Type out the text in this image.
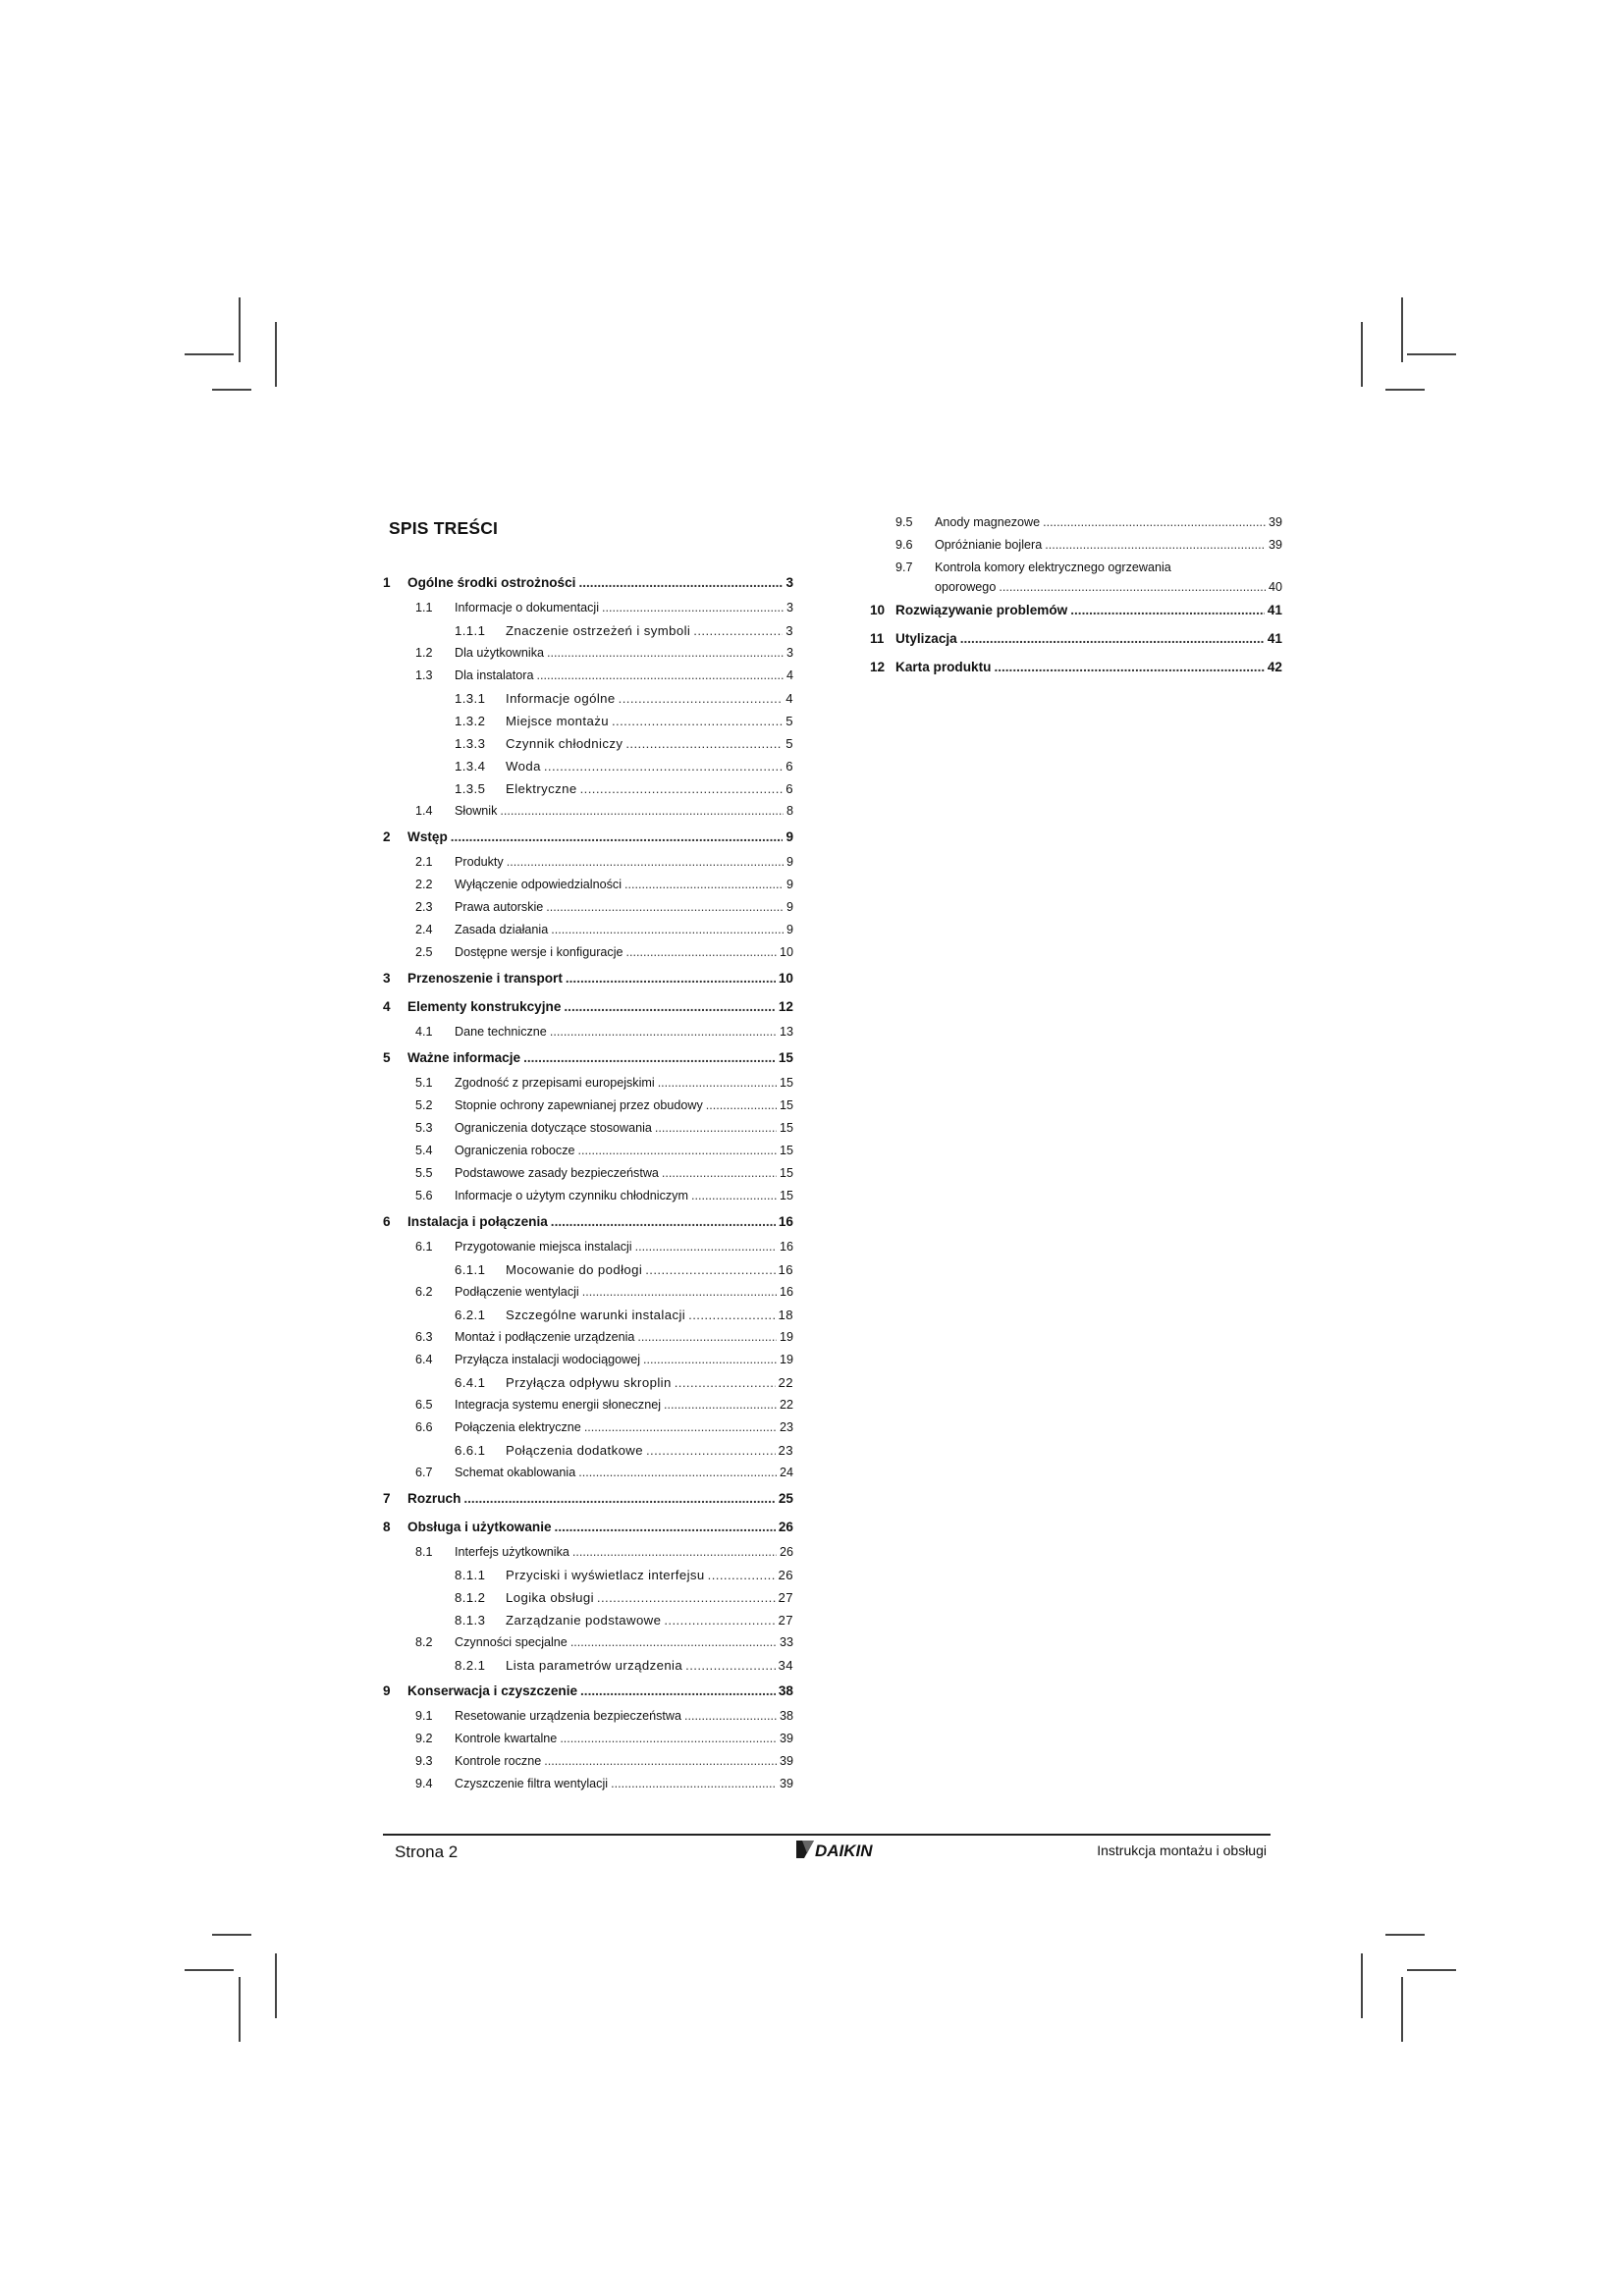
SPIS TREŚCI
1	Ogólne środki ostrożności .....	3
1.1	Informacje o dokumentacji .....	3
1.1.1	Znaczenie ostrzeżeń i symboli .....	3
1.2	Dla użytkownika .....	3
1.3	Dla instalatora .....	4
1.3.1	Informacje ogólne .....	4
1.3.2	Miejsce montażu .....	5
1.3.3	Czynnik chłodniczy .....	5
1.3.4	Woda .....	6
1.3.5	Elektryczne .....	6
1.4	Słownik .....	8
2	Wstęp .....	9
2.1	Produkty .....	9
2.2	Wyłączenie odpowiedzialności .....	9
2.3	Prawa autorskie .....	9
2.4	Zasada działania .....	9
2.5	Dostępne wersje i konfiguracje .....	10
3	Przenoszenie i transport .....	10
4	Elementy konstrukcyjne .....	12
4.1	Dane techniczne .....	13
5	Ważne informacje .....	15
5.1	Zgodność z przepisami europejskimi .....	15
5.2	Stopnie ochrony zapewnianej przez obudowy .....	15
5.3	Ograniczenia dotyczące stosowania .....	15
5.4	Ograniczenia robocze .....	15
5.5	Podstawowe zasady bezpieczeństwa .....	15
5.6	Informacje o użytym czynniku chłodniczym .....	15
6	Instalacja i połączenia .....	16
6.1	Przygotowanie miejsca instalacji .....	16
6.1.1	Mocowanie do podłogi .....	16
6.2	Podłączenie wentylacji .....	16
6.2.1	Szczególne warunki instalacji .....	18
6.3	Montaż i podłączenie urządzenia .....	19
6.4	Przyłącza instalacji wodociągowej .....	19
6.4.1	Przyłącza odpływu skroplin .....	22
6.5	Integracja systemu energii słonecznej .....	22
6.6	Połączenia elektryczne .....	23
6.6.1	Połączenia dodatkowe .....	23
6.7	Schemat okablowania .....	24
7	Rozruch .....	25
8	Obsługa i użytkowanie .....	26
8.1	Interfejs użytkownika .....	26
8.1.1	Przyciski i wyświetlacz interfejsu .....	26
8.1.2	Logika obsługi .....	27
8.1.3	Zarządzanie podstawowe .....	27
8.2	Czynności specjalne .....	33
8.2.1	Lista parametrów urządzenia .....	34
9	Konserwacja i czyszczenie .....	38
9.1	Resetowanie urządzenia bezpieczeństwa .....	38
9.2	Kontrole kwartalne .....	39
9.3	Kontrole roczne .....	39
9.4	Czyszczenie filtra wentylacji .....	39
9.5	Anody magnezowe .....	39
9.6	Opróżnianie bojlera .....	39
9.7 Kontrola komory elektrycznego ogrzewania
oporowego .....	40
10 Rozwiązywanie problemów .....	41
11 Utylizacja .....	41
12 Karta produktu .....	42
Strona 2	DAIKIN	Instrukcja montażu i obsługi
